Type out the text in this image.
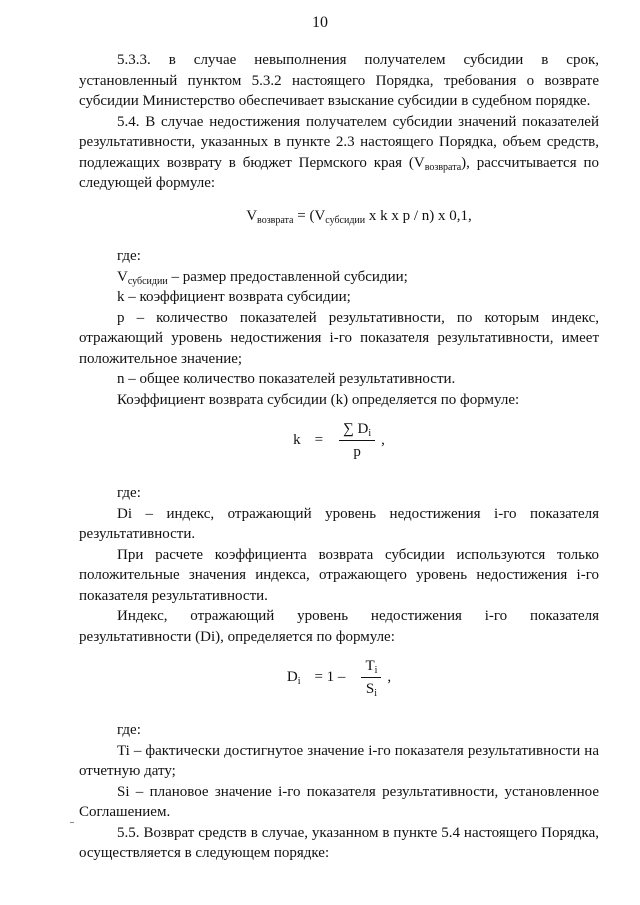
10

5.3.3. в случае невыполнения получателем субсидии в срок, установленный пунктом 5.3.2 настоящего Порядка, требования о возврате субсидии Министерство обеспечивает взыскание субсидии в судебном порядке.

5.4. В случае недостижения получателем субсидии значений показателей результативности, указанных в пункте 2.3 настоящего Порядка, объем средств, подлежащих возврату в бюджет Пермского края $(V_{возврата})$, рассчитывается по следующей формуле:

$V_{возврата} = (V_{субсидии}$ x k x p / n) x 0,1,

где:

$V_{субсидии}$ – размер предоставленной субсидии;

k – коэффициент возврата субсидии;

p – количество показателей результативности, по которым индекс, отражающий уровень недостижения i-го показателя результативности, имеет положительное значение;

n – общее количество показателей результативности.

Коэффициент возврата субсидии (k) определяется по формуле:

$k = \frac{\sum D_i}{p}$ ,

где:

Di – индекс, отражающий уровень недостижения i-го показателя результативности.

При расчете коэффициента возврата субсидии используются только положительные значения индекса, отражающего уровень недостижения i-го показателя результативности.

Индекс, отражающий уровень недостижения i-го показателя результативности (Di), определяется по формуле:

$D_i = 1 - \frac{T_i}{S_i}$ ,

где:

Ti – фактически достигнутое значение i-го показателя результативности на отчетную дату;

Si – плановое значение i-го показателя результативности, установленное Соглашением.

5.5. Возврат средств в случае, указанном в пункте 5.4 настоящего Порядка, осуществляется в следующем порядке:
